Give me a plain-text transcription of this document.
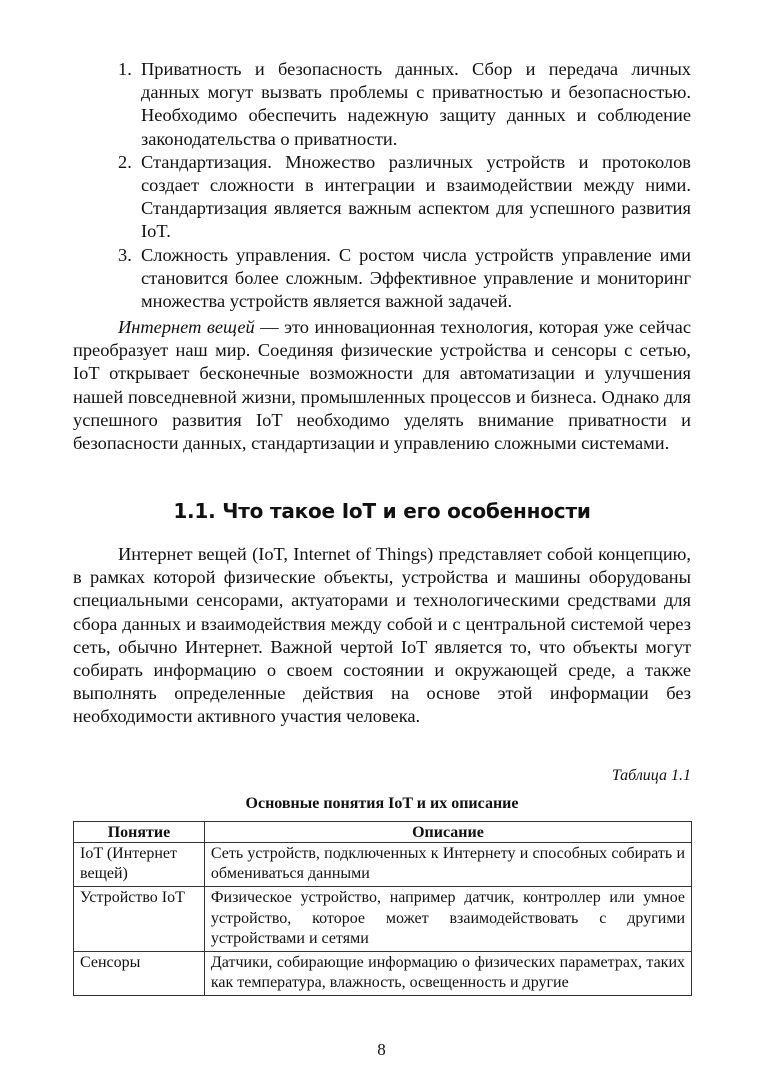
1. Приватность и безопасность данных. Сбор и передача личных данных могут вызвать проблемы с приватностью и безопасностью. Необходимо обеспечить надежную защиту данных и соблюдение законодательства о приватности.
2. Стандартизация. Множество различных устройств и протоколов создает сложности в интеграции и взаимодействии между ними. Стандартизация является важным аспектом для успешного развития IoT.
3. Сложность управления. С ростом числа устройств управление ими становится более сложным. Эффективное управление и мониторинг множества устройств является важной задачей.

Интернет вещей — это инновационная технология, которая уже сейчас преобразует наш мир. Соединяя физические устройства и сенсоры с сетью, IoT открывает бесконечные возможности для автоматизации и улучшения нашей повседневной жизни, промышленных процессов и бизнеса. Однако для успешного развития IoT необходимо уделять внимание приватности и безопасности данных, стандартизации и управлению сложными системами.

1.1. Что такое IoT и его особенности

Интернет вещей (IoT, Internet of Things) представляет собой концепцию, в рамках которой физические объекты, устройства и машины оборудованы специальными сенсорами, актуаторами и технологическими средствами для сбора данных и взаимодействия между собой и с центральной системой через сеть, обычно Интернет. Важной чертой IoT является то, что объекты могут собирать информацию о своем состоянии и окружающей среде, а также выполнять определенные действия на основе этой информации без необходимости активного участия человека.

Таблица 1.1

Основные понятия IoT и их описание

Понятие	Описание
IoT (Интернет вещей)	Сеть устройств, подключенных к Интернету и способных собирать и обмениваться данными
Устройство IoT	Физическое устройство, например датчик, контроллер или умное устройство, которое может взаимодействовать с другими устройствами и сетями
Сенсоры	Датчики, собирающие информацию о физических параметрах, таких как температура, влажность, освещенность и другие

8
